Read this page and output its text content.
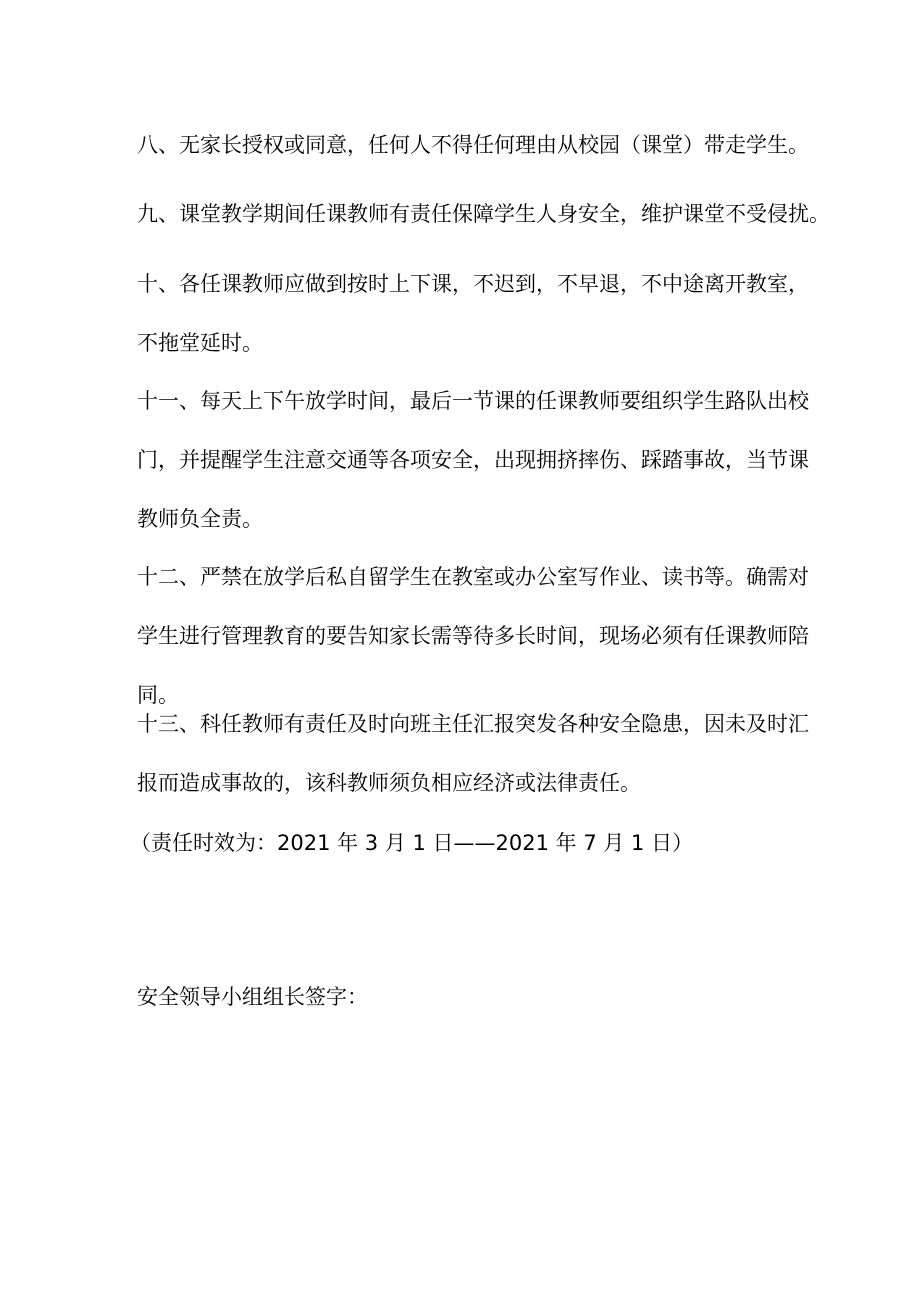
八、无家长授权或同意，任何人不得任何理由从校园（课堂）带走学生。

九、课堂教学期间任课教师有责任保障学生人身安全，维护课堂不受侵扰。

十、各任课教师应做到按时上下课，不迟到，不早退，不中途离开教室，
不拖堂延时。

十一、每天上下午放学时间，最后一节课的任课教师要组织学生路队出校
门，并提醒学生注意交通等各项安全，出现拥挤摔伤、踩踏事故，当节课
教师负全责。

十二、严禁在放学后私自留学生在教室或办公室写作业、读书等。确需对
学生进行管理教育的要告知家长需等待多长时间，现场必须有任课教师陪
同。

十三、科任教师有责任及时向班主任汇报突发各种安全隐患，因未及时汇
报而造成事故的，该科教师须负相应经济或法律责任。

（责任时效为：2021 年 3 月 1 日——2021 年 7 月 1 日）

安全领导小组组长签字：
